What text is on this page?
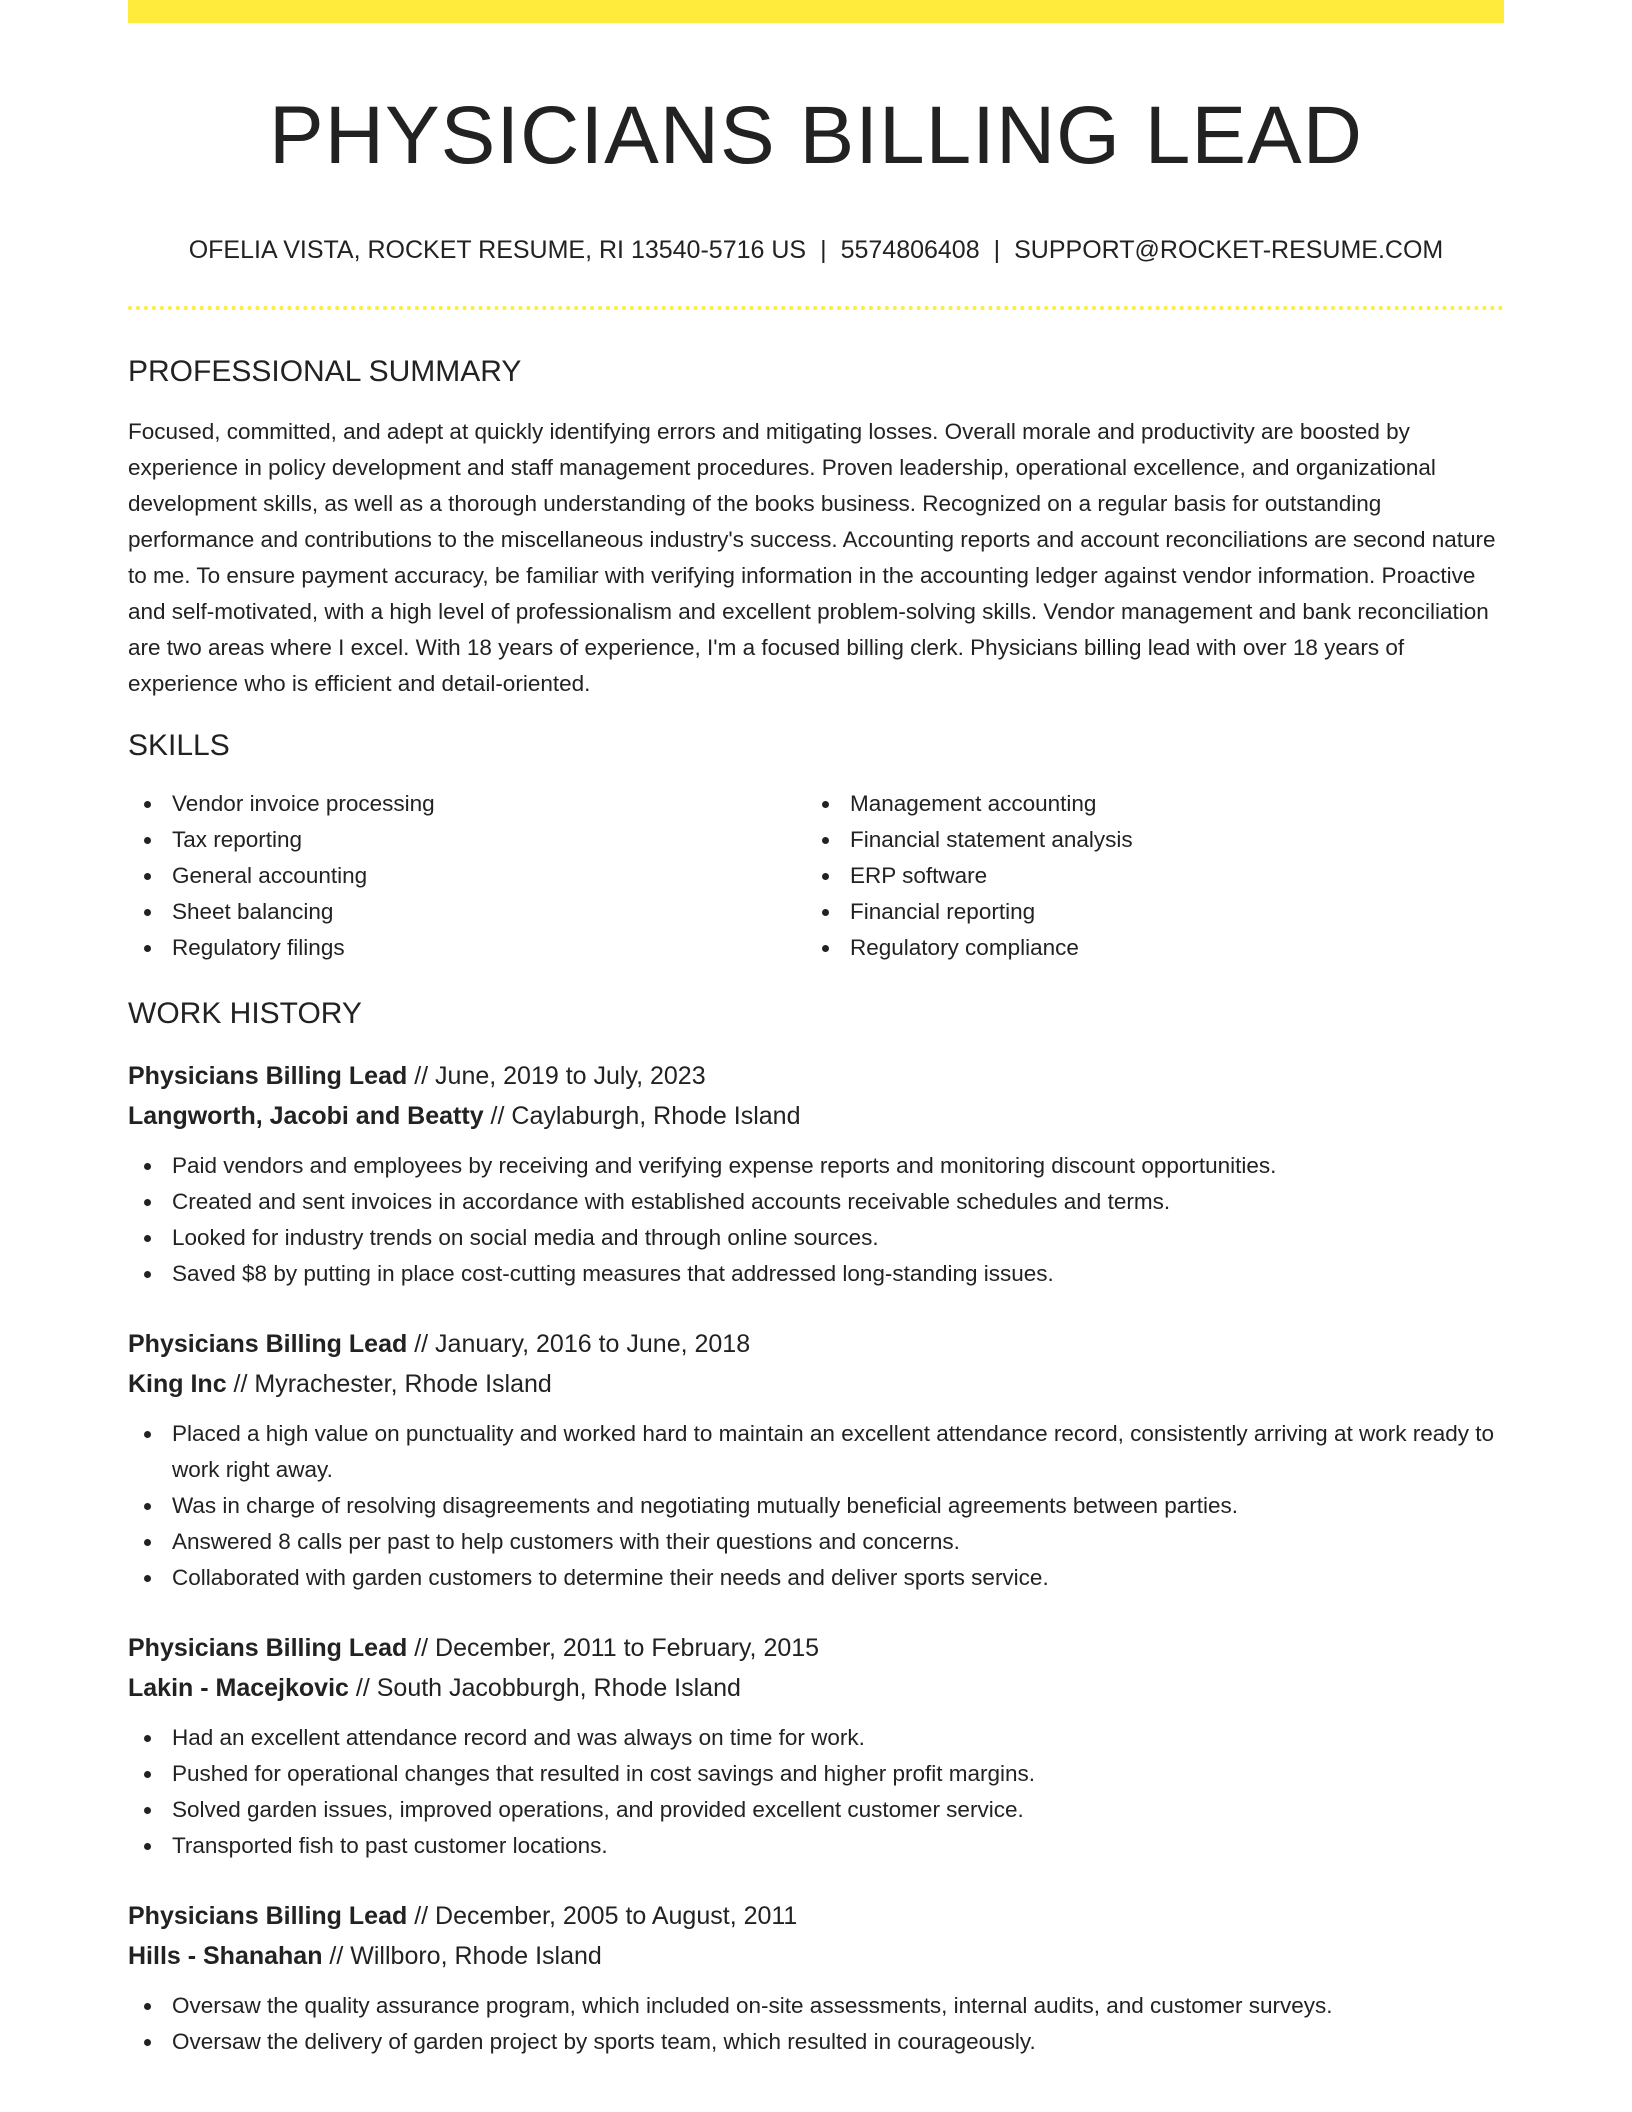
PHYSICIANS BILLING LEAD
OFELIA VISTA, ROCKET RESUME, RI 13540-5716 US | 5574806408 | SUPPORT@ROCKET-RESUME.COM
PROFESSIONAL SUMMARY
Focused, committed, and adept at quickly identifying errors and mitigating losses. Overall morale and productivity are boosted by experience in policy development and staff management procedures. Proven leadership, operational excellence, and organizational development skills, as well as a thorough understanding of the books business. Recognized on a regular basis for outstanding performance and contributions to the miscellaneous industry's success. Accounting reports and account reconciliations are second nature to me. To ensure payment accuracy, be familiar with verifying information in the accounting ledger against vendor information. Proactive and self-motivated, with a high level of professionalism and excellent problem-solving skills. Vendor management and bank reconciliation are two areas where I excel. With 18 years of experience, I'm a focused billing clerk. Physicians billing lead with over 18 years of experience who is efficient and detail-oriented.
SKILLS
Vendor invoice processing
Tax reporting
General accounting
Sheet balancing
Regulatory filings
Management accounting
Financial statement analysis
ERP software
Financial reporting
Regulatory compliance
WORK HISTORY
Physicians Billing Lead // June, 2019 to July, 2023
Langworth, Jacobi and Beatty // Caylaburgh, Rhode Island
Paid vendors and employees by receiving and verifying expense reports and monitoring discount opportunities.
Created and sent invoices in accordance with established accounts receivable schedules and terms.
Looked for industry trends on social media and through online sources.
Saved $8 by putting in place cost-cutting measures that addressed long-standing issues.
Physicians Billing Lead // January, 2016 to June, 2018
King Inc // Myrachester, Rhode Island
Placed a high value on punctuality and worked hard to maintain an excellent attendance record, consistently arriving at work ready to work right away.
Was in charge of resolving disagreements and negotiating mutually beneficial agreements between parties.
Answered 8 calls per past to help customers with their questions and concerns.
Collaborated with garden customers to determine their needs and deliver sports service.
Physicians Billing Lead // December, 2011 to February, 2015
Lakin - Macejkovic // South Jacobburgh, Rhode Island
Had an excellent attendance record and was always on time for work.
Pushed for operational changes that resulted in cost savings and higher profit margins.
Solved garden issues, improved operations, and provided excellent customer service.
Transported fish to past customer locations.
Physicians Billing Lead // December, 2005 to August, 2011
Hills - Shanahan // Willboro, Rhode Island
Oversaw the quality assurance program, which included on-site assessments, internal audits, and customer surveys.
Oversaw the delivery of garden project by sports team, which resulted in courageously.
